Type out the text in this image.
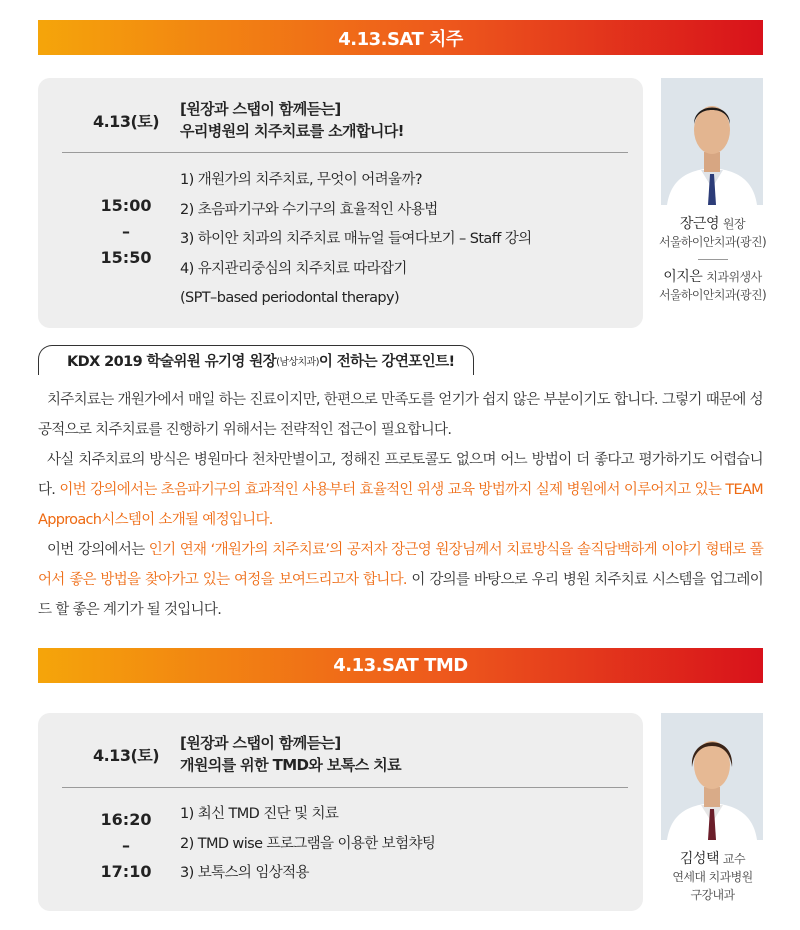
4.13.SAT 치주
4.13(토)
[원장과 스탭이 함께듣는]
우리병원의 치주치료를 소개합니다!
15:00
–
15:50
1) 개원가의 치주치료, 무엇이 어려울까?
2) 초음파기구와 수기구의 효율적인 사용법
3) 하이안 치과의 치주치료 매뉴얼 들여다보기 – Staff 강의
4) 유지관리중심의 치주치료 따라잡기
(SPT–based periodontal therapy)
장근영 원장
서울하이안치과(광진)
이지은 치과위생사
서울하이안치과(광진)
KDX 2019 학술위원 유기영 원장 (남상치과) 이 전하는 강연포인트!

치주치료는 개원가에서 매일 하는 진료이지만, 한편으로 만족도를 얻기가 쉽지 않은 부분이기도 합니다. 그렇기 때문에 성공적으로 치주치료를 진행하기 위해서는 전략적인 접근이 필요합니다.

사실 치주치료의 방식은 병원마다 천차만별이고, 정해진 프로토콜도 없으며 어느 방법이 더 좋다고 평가하기도 어렵습니다. 이번 강의에서는 초음파기구의 효과적인 사용부터 효율적인 위생 교육 방법까지 실제 병원에서 이루어지고 있는 TEAM Approach시스템이 소개될 예정입니다.

이번 강의에서는 인기 연재 ‘개원가의 치주치료’의 공저자 장근영 원장님께서 치료방식을 솔직담백하게 이야기 형태로 풀어서 좋은 방법을 찾아가고 있는 여정을 보여드리고자 합니다. 이 강의를 바탕으로 우리 병원 치주치료 시스템을 업그레이드 할 좋은 계기가 될 것입니다.

4.13.SAT TMD
4.13(토)
[원장과 스탭이 함께듣는]
개원의를 위한 TMD와 보톡스 치료
16:20
–
17:10
1) 최신 TMD 진단 및 치료
2) TMD wise 프로그램을 이용한 보험챠팅
3) 보톡스의 임상적용
김성택 교수
연세대 치과병원
구강내과
